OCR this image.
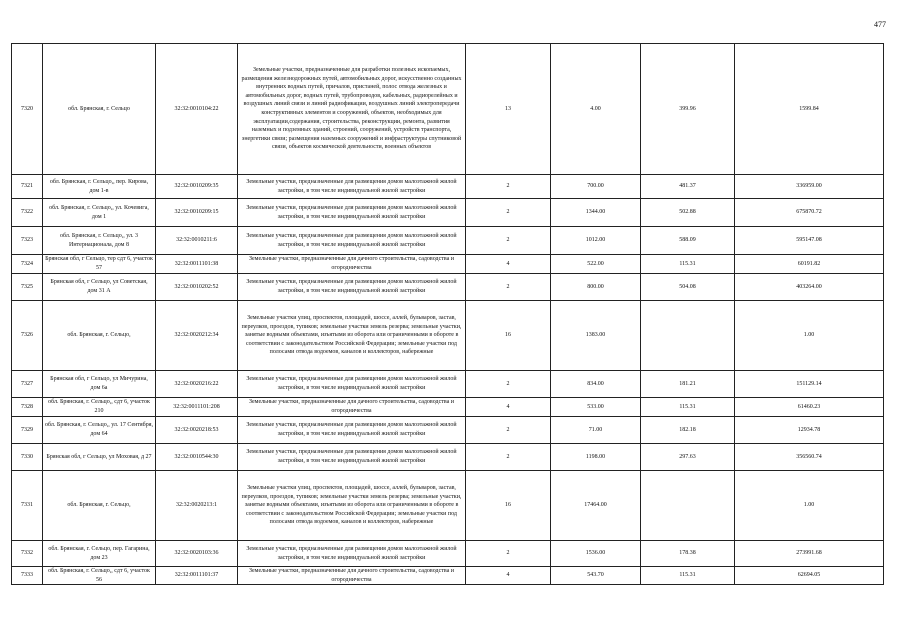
477
7320	обл. Брянская, г. Сельцо	32:32:0010104:22	Земельные участки, предназначенные для разработки полезных ископаемых, размещения железнодорожных путей, автомобильных дорог, искусственно созданных внутренних водных путей, причалов, пристаней, полос отвода железных и автомобильных дорог, водных путей, трубопроводов, кабельных, радиорелейных и воздушных линий связи и линий радиофикации, воздушных линий электропередачи конструктивных элементов и сооружений, объектов, необходимых для эксплуатации,содержания, строительства, реконструкции, ремонта, развития наземных и подземных зданий, строений, сооружений, устройств транспорта, энергетики связи; размещения наземных сооружений и инфраструктуры спутниковой связи, объектов космической деятельности, военных объектов	13	4.00	399.96	1599.84
7321	обл. Брянская, г. Сельцо,, пер. Кирова, дом 1-в	32:32:0010209:35	Земельные участки, предназначенные для размещения домов малоэтажной жилой застройки, в том числе индивидуальной жилой застройки	2	700.00	481.37	336959.00
7322	обл. Брянская, г. Сельцо,, ул. Кочевига, дом 1	32:32:0010209:15	Земельные участки, предназначенные для размещения домов малоэтажной жилой застройки, в том числе индивидуальной жилой застройки	2	1344.00	502.88	675870.72
7323	обл. Брянская, г. Сельцо,, ул. 3 Интернационала, дом 8	32:32:0010211:6	Земельные участки, предназначенные для размещения домов малоэтажной жилой застройки, в том числе индивидуальной жилой застройки	2	1012.00	588.09	595147.08
7324	Брянская обл, г Сельцо, тер сдт 6, участок 57	32:32:0011101:38	Земельные участки, предназначенные для дачного строительства, садоводства и огородничества	4	522.00	115.31	60191.82
7325	Брянская обл, г Сельцо, ул Советская, дом 31 А	32:32:0010202:52	Земельные участки, предназначенные для размещения домов малоэтажной жилой застройки, в том числе индивидуальной жилой застройки	2	800.00	504.08	403264.00
7326	обл. Брянская, г. Сельцо,	32:32:0020212:34	Земельные участки улиц, проспектов, площадей, шоссе, аллей, бульваров, застав, переулков, проездов, тупиков; земельные участки земель резерва; земельные участки, занятые водными объектами, изъятыми из оборота или ограниченными в обороте в соответствии с законодательством Российской Федерации; земельные участки под полосами отвода водоемов, каналов и коллекторов, набережные	16	1383.00		1.00
7327	Брянская обл, г Сельцо, ул Мичурина, дом 6а	32:32:0020216:22	Земельные участки, предназначенные для размещения домов малоэтажной жилой застройки, в том числе индивидуальной жилой застройки	2	834.00	181.21	151129.14
7328	обл. Брянская, г. Сельцо,, сдт 6, участок 210	32:32:0011101:208	Земельные участки, предназначенные для дачного строительства, садоводства и огородничества	4	533.00	115.31	61460.23
7329	обл. Брянская, г. Сельцо,, ул. 17 Сентября, дом 64	32:32:0020218:53	Земельные участки, предназначенные для размещения домов малоэтажной жилой застройки, в том числе индивидуальной жилой застройки	2	71.00	182.18	12934.78
7330	Брянская обл, г Сельцо, ул Моховая, д 27	32:32:0010544:30	Земельные участки, предназначенные для размещения домов малоэтажной жилой застройки, в том числе индивидуальной жилой застройки	2	1198.00	297.63	356560.74
7331	обл. Брянская, г. Сельцо,	32:32:0020213:1	Земельные участки улиц, проспектов, площадей, шоссе, аллей, бульваров, застав, переулков, проездов, тупиков; земельные участки земель резерва; земельные участки, занятые водными объектами, изъятыми из оборота или ограниченными в обороте в соответствии с законодательством Российской Федерации; земельные участки под полосами отвода водоемов, каналов и коллекторов, набережные	16	17464.00		1.00
7332	обл. Брянская, г. Сельцо, пер. Гагарина, дом 23	32:32:0020103:36	Земельные участки, предназначенные для размещения домов малоэтажной жилой застройки, в том числе индивидуальной жилой застройки	2	1536.00	178.38	273991.68
7333	обл. Брянская, г. Сельцо,, сдт 6, участок 56	32:32:0011101:37	Земельные участки, предназначенные для дачного строительства, садоводства и огородничества	4	543.70	115.31	62694.05
